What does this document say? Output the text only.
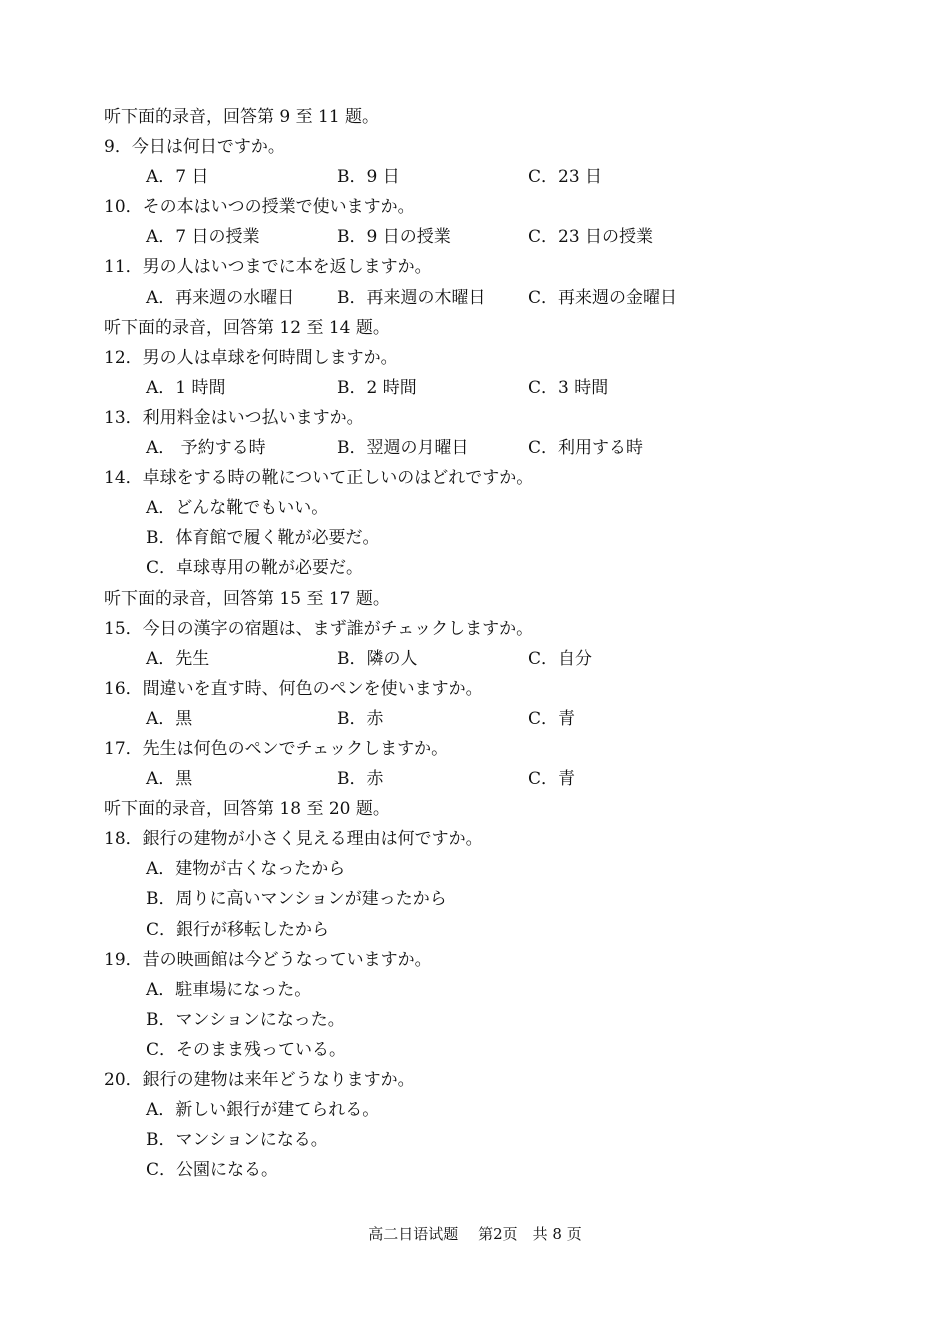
听下面的录音，回答第 9 至 11 题。
9．今日は何日ですか。
A．7 日	B．9 日	C．23 日
10．その本はいつの授業で使いますか。
A．7 日の授業	B．9 日の授業	C．23 日の授業
11．男の人はいつまでに本を返しますか。
A．再来週の水曜日	B．再来週の木曜日	C．再来週の金曜日
听下面的录音，回答第 12 至 14 题。
12．男の人は卓球を何時間しますか。
A．1 時間	B．2 時間	C．3 時間
13．利用料金はいつ払いますか。
A． 予約する時	B．翌週の月曜日	C．利用する時
14．卓球をする時の靴について正しいのはどれですか。
A．どんな靴でもいい。
B．体育館で履く靴が必要だ。
C．卓球専用の靴が必要だ。
听下面的录音，回答第 15 至 17 题。
15．今日の漢字の宿題は、まず誰がチェックしますか。
A．先生	B．隣の人	C．自分
16．間違いを直す時、何色のペンを使いますか。
A．黒	B．赤	C．青
17．先生は何色のペンでチェックしますか。
A．黒	B．赤	C．青
听下面的录音，回答第 18 至 20 题。
18．銀行の建物が小さく見える理由は何ですか。
A．建物が古くなったから
B．周りに高いマンションが建ったから
C．銀行が移転したから
19．昔の映画館は今どうなっていますか。
A．駐車場になった。
B．マンションになった。
C．そのまま残っている。
20．銀行の建物は来年どうなりますか。
A．新しい銀行が建てられる。
B．マンションになる。
C．公園になる。
高二日语试题　 第2页　共 8 页
